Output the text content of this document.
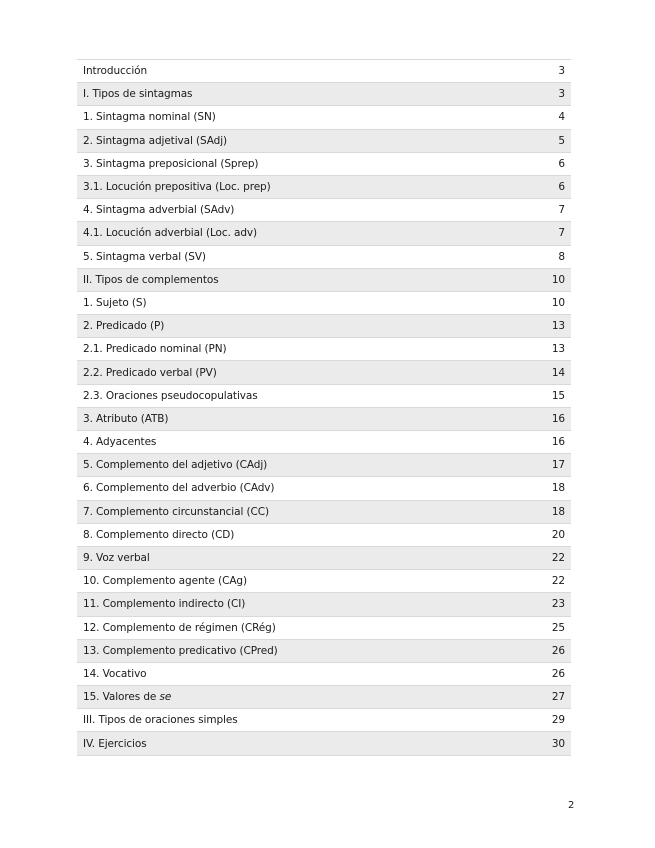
Introducción	3
I. Tipos de sintagmas	3
1. Sintagma nominal (SN)	4
2. Sintagma adjetival (SAdj)	5
3. Sintagma preposicional (Sprep)	6
3.1. Locución prepositiva (Loc. prep)	6
4. Sintagma adverbial (SAdv)	7
4.1. Locución adverbial (Loc. adv)	7
5. Sintagma verbal (SV)	8
II. Tipos de complementos	10
1. Sujeto (S)	10
2. Predicado (P)	13
2.1. Predicado nominal (PN)	13
2.2. Predicado verbal (PV)	14
2.3. Oraciones pseudocopulativas	15
3. Atributo (ATB)	16
4. Adyacentes	16
5. Complemento del adjetivo (CAdj)	17
6. Complemento del adverbio (CAdv)	18
7. Complemento circunstancial (CC)	18
8. Complemento directo (CD)	20
9. Voz verbal	22
10. Complemento agente (CAg)	22
11. Complemento indirecto (CI)	23
12. Complemento de régimen (CRég)	25
13. Complemento predicativo (CPred)	26
14. Vocativo	26
15. Valores de se	27
III. Tipos de oraciones simples	29
IV. Ejercicios	30
2
